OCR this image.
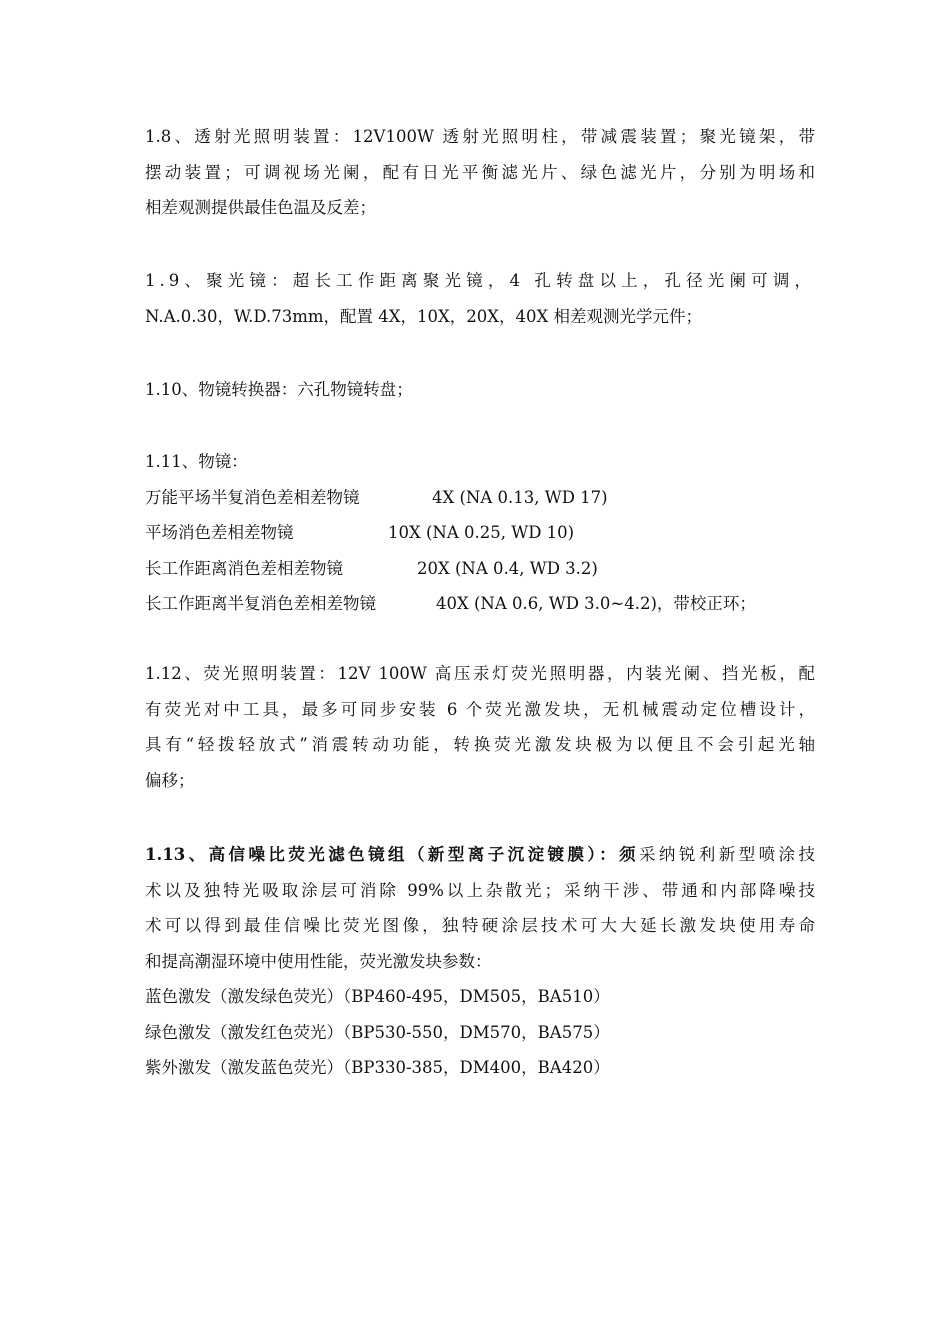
1.8、透射光照明装置：12V100W 透射光照明柱，带减震装置；聚光镜架，带
摆动装置；可调视场光阑，配有日光平衡滤光片、绿色滤光片，分别为明场和
相差观测提供最佳色温及反差；
1.9、聚光镜：超长工作距离聚光镜，4 孔转盘以上，孔径光阑可调，
N.A.0.30，W.D.73mm，配置 4X，10X，20X，40X 相差观测光学元件；
1.10、物镜转换器：六孔物镜转盘；
1.11、物镜：
万能平场半复消色差相差物镜	4X (NA 0.13, WD 17)
平场消色差相差物镜	10X (NA 0.25, WD 10)
长工作距离消色差相差物镜	20X (NA 0.4, WD 3.2)
长工作距离半复消色差相差物镜	40X (NA 0.6, WD 3.0~4.2)，带校正环；
1.12、荧光照明装置：12V 100W 高压汞灯荧光照明器，内装光阑、挡光板，配
有荧光对中工具，最多可同步安装 6 个荧光激发块，无机械震动定位槽设计，
具有“轻拨轻放式”消震转动功能，转换荧光激发块极为以便且不会引起光轴
偏移；
1.13、高信噪比荧光滤色镜组（新型离子沉淀镀膜）：须采纳锐利新型喷涂技
术以及独特光吸取涂层可消除 99%以上杂散光；采纳干涉、带通和内部降噪技
术可以得到最佳信噪比荧光图像，独特硬涂层技术可大大延长激发块使用寿命
和提高潮湿环境中使用性能，荧光激发块参数：
蓝色激发（激发绿色荧光）（BP460-495，DM505，BA510）
绿色激发（激发红色荧光）（BP530-550，DM570，BA575）
紫外激发（激发蓝色荧光）（BP330-385，DM400，BA420）
